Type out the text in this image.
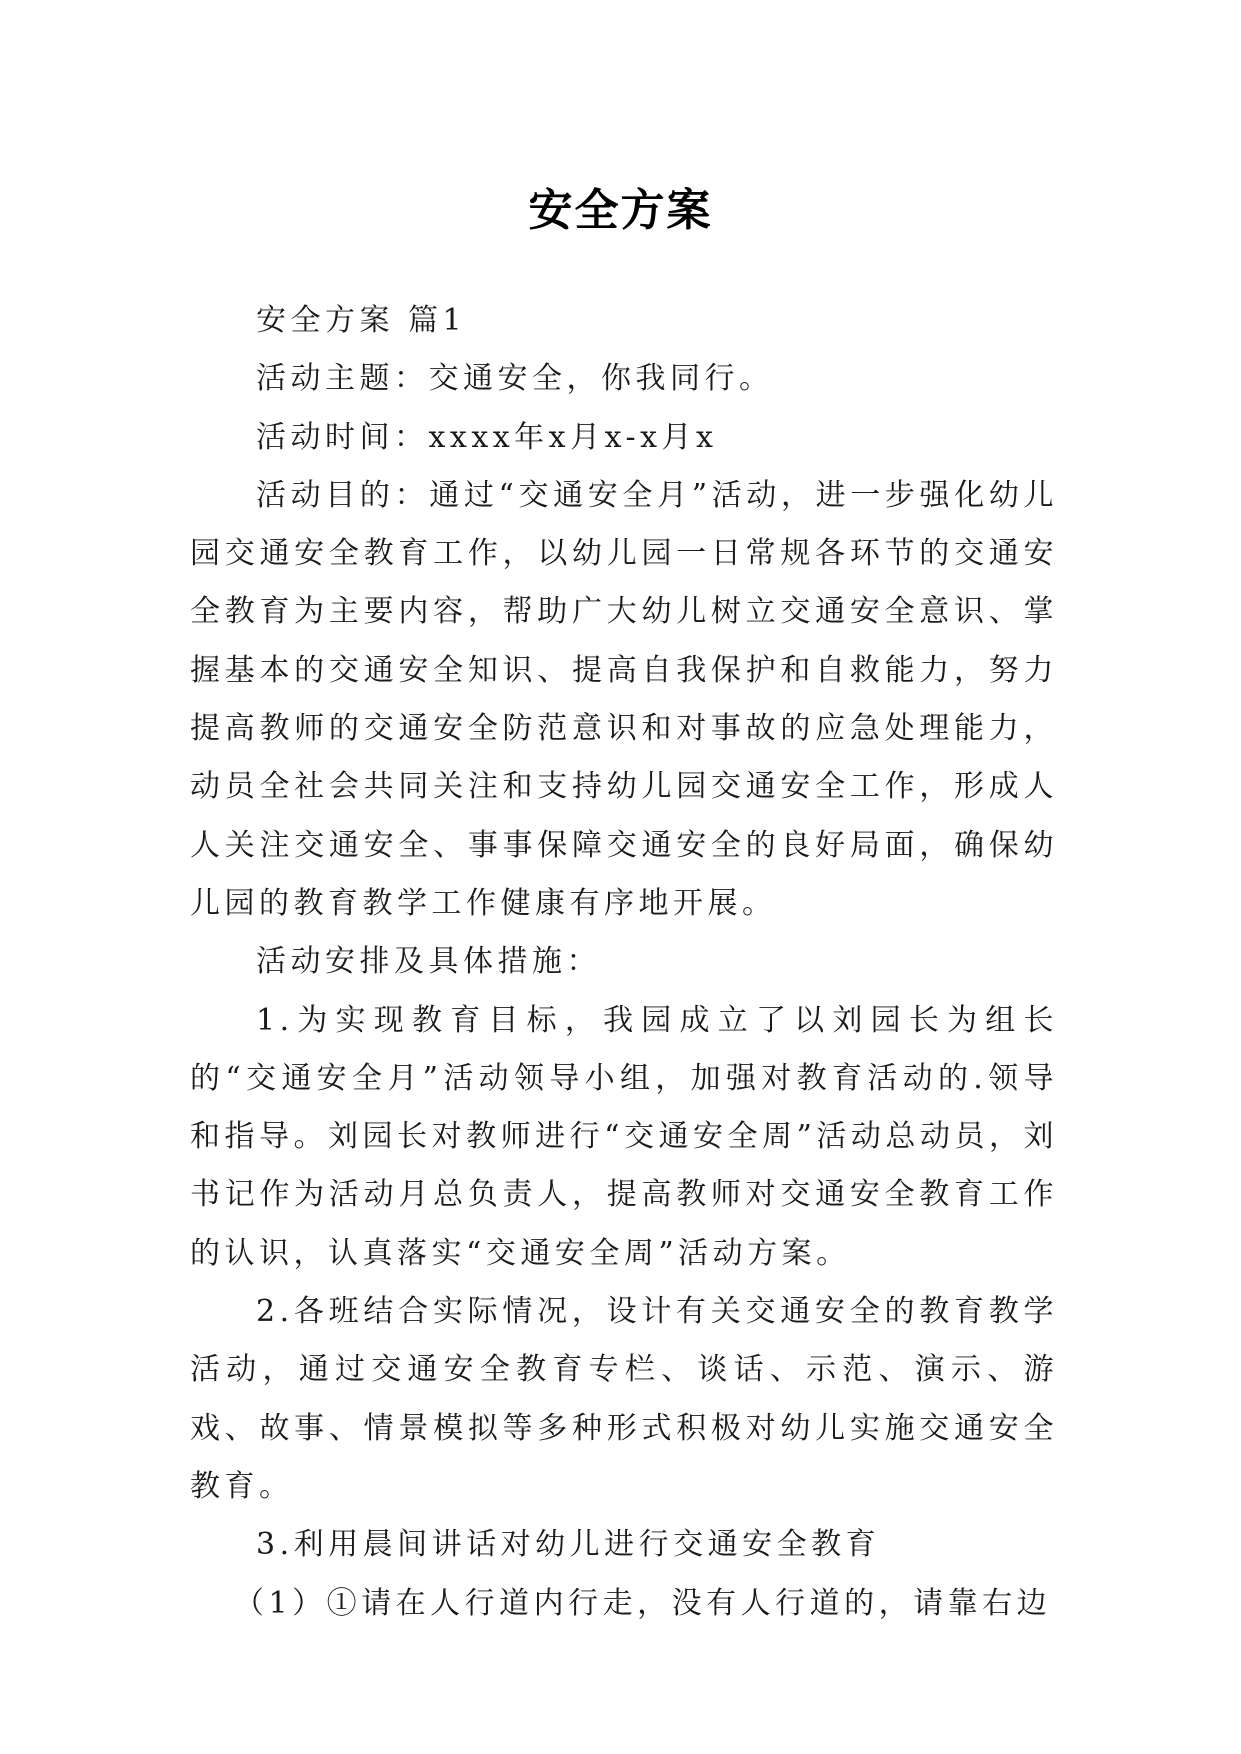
安全方案

安全方案 篇1

活动主题：交通安全，你我同行。

活动时间：xxxx年x月x-x月x

活动目的：通过“交通安全月”活动，进一步强化幼儿园交通安全教育工作，以幼儿园一日常规各环节的交通安全教育为主要内容，帮助广大幼儿树立交通安全意识、掌握基本的交通安全知识、提高自我保护和自救能力，努力提高教师的交通安全防范意识和对事故的应急处理能力，动员全社会共同关注和支持幼儿园交通安全工作，形成人人关注交通安全、事事保障交通安全的良好局面，确保幼儿园的教育教学工作健康有序地开展。

活动安排及具体措施：

1.为实现教育目标，我园成立了以刘园长为组长的“交通安全月”活动领导小组，加强对教育活动的.领导和指导。刘园长对教师进行“交通安全周”活动总动员，刘书记作为活动月总负责人，提高教师对交通安全教育工作的认识，认真落实“交通安全周”活动方案。

2.各班结合实际情况，设计有关交通安全的教育教学活动，通过交通安全教育专栏、谈话、示范、演示、游戏、故事、情景模拟等多种形式积极对幼儿实施交通安全教育。

3.利用晨间讲话对幼儿进行交通安全教育

（1）①请在人行道内行走，没有人行道的，请靠右边
